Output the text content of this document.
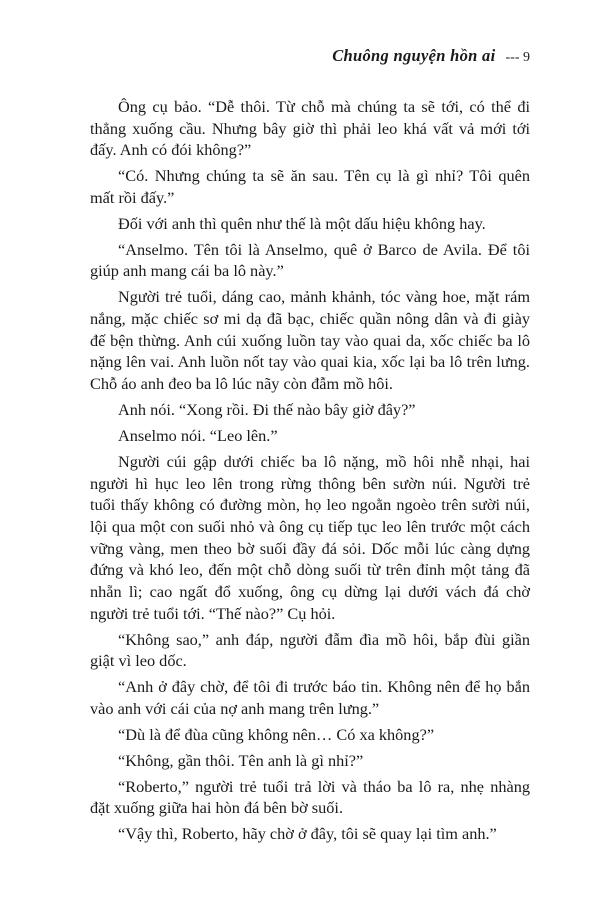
Chuông nguyện hồn ai --- 9
Ông cụ bảo. “Dễ thôi. Từ chỗ mà chúng ta sẽ tới, có thể đi
thẳng xuống cầu. Nhưng bây giờ thì phải leo khá vất vả mới tới
đấy. Anh có đói không?”
“Có. Nhưng chúng ta sẽ ăn sau. Tên cụ là gì nhỉ? Tôi quên
mất rồi đấy.”
Đối với anh thì quên như thế là một dấu hiệu không hay.
“Anselmo. Tên tôi là Anselmo, quê ở Barco de Avila. Để tôi
giúp anh mang cái ba lô này.”
Người trẻ tuổi, dáng cao, mảnh khảnh, tóc vàng hoe, mặt rám
nắng, mặc chiếc sơ mi dạ đã bạc, chiếc quần nông dân và đi giày
đế bện thừng. Anh cúi xuống luồn tay vào quai da, xốc chiếc ba lô
nặng lên vai. Anh luồn nốt tay vào quai kia, xốc lại ba lô trên lưng.
Chỗ áo anh đeo ba lô lúc nãy còn đẫm mồ hôi.
Anh nói. “Xong rồi. Đi thế nào bây giờ đây?”
Anselmo nói. “Leo lên.”
Người cúi gập dưới chiếc ba lô nặng, mồ hôi nhễ nhại, hai
người hì hục leo lên trong rừng thông bên sườn núi. Người trẻ
tuổi thấy không có đường mòn, họ leo ngoằn ngoèo trên sười núi,
lội qua một con suối nhỏ và ông cụ tiếp tục leo lên trước một cách
vững vàng, men theo bờ suối đầy đá sỏi. Dốc mỗi lúc càng dựng
đứng và khó leo, đến một chỗ dòng suối từ trên đỉnh một tảng đã
nhẵn lì; cao ngất đổ xuống, ông cụ dừng lại dưới vách đá chờ
người trẻ tuổi tới. “Thế nào?” Cụ hỏi.
“Không sao,” anh đáp, người đẫm đìa mồ hôi, bắp đùi giần
giật vì leo dốc.
“Anh ở đây chờ, để tôi đi trước báo tin. Không nên để họ bắn
vào anh với cái của nợ anh mang trên lưng.”
“Dù là để đùa cũng không nên… Có xa không?”
“Không, gần thôi. Tên anh là gì nhỉ?”
“Roberto,” người trẻ tuổi trả lời và tháo ba lô ra, nhẹ nhàng
đặt xuống giữa hai hòn đá bên bờ suối.
“Vậy thì, Roberto, hãy chờ ở đây, tôi sẽ quay lại tìm anh.”
